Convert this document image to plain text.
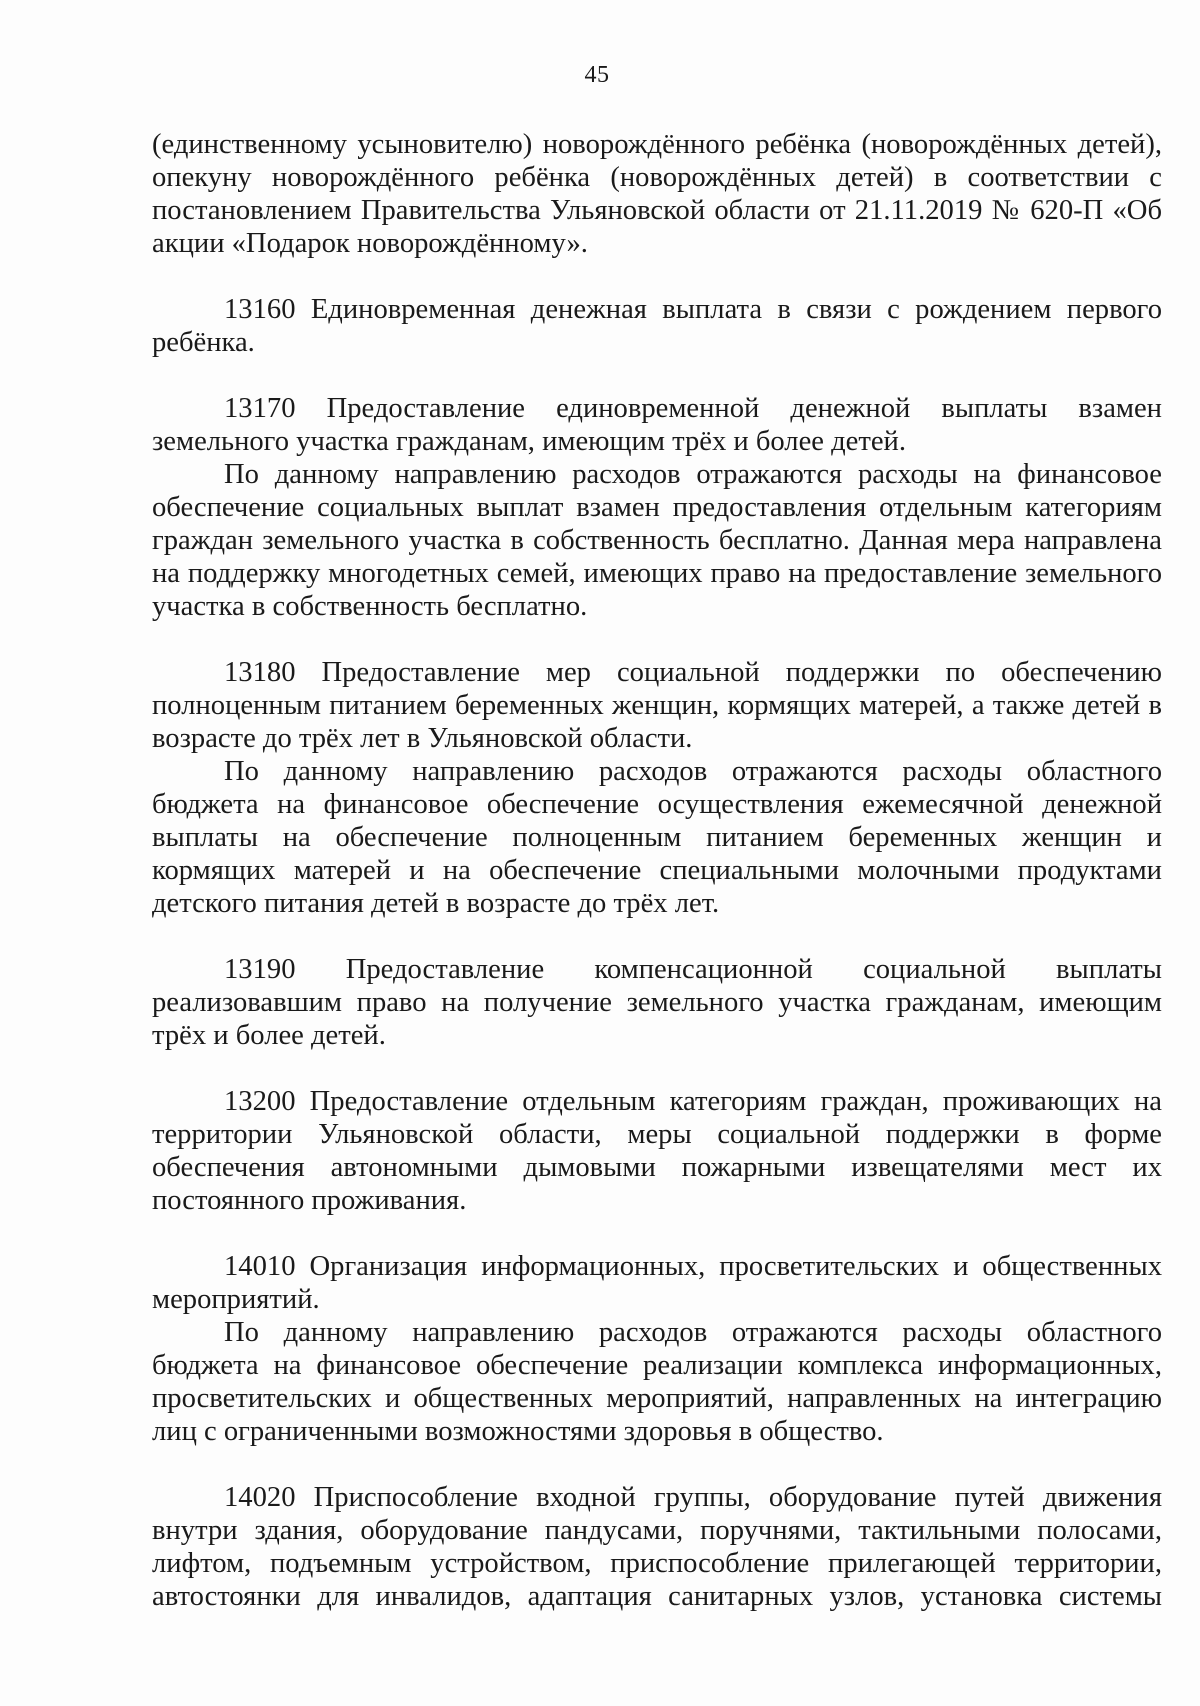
45

(единственному усыновителю) новорождённого ребёнка (новорождённых детей), опекуну новорождённого ребёнка (новорождённых детей) в соответствии с постановлением Правительства Ульяновской области от 21.11.2019 № 620-П «Об акции «Подарок новорождённому».

13160 Единовременная денежная выплата в связи с рождением первого ребёнка.

13170 Предоставление единовременной денежной выплаты взамен земельного участка гражданам, имеющим трёх и более детей.

По данному направлению расходов отражаются расходы на финансовое обеспечение социальных выплат взамен предоставления отдельным категориям граждан земельного участка в собственность бесплатно. Данная мера направлена на поддержку многодетных семей, имеющих право на предоставление земельного участка в собственность бесплатно.

13180 Предоставление мер социальной поддержки по обеспечению полноценным питанием беременных женщин, кормящих матерей, а также детей в возрасте до трёх лет в Ульяновской области.

По данному направлению расходов отражаются расходы областного бюджета на финансовое обеспечение осуществления ежемесячной денежной выплаты на обеспечение полноценным питанием беременных женщин и кормящих матерей и на обеспечение специальными молочными продуктами детского питания детей в возрасте до трёх лет.

13190 Предоставление компенсационной социальной выплаты реализовавшим право на получение земельного участка гражданам, имеющим трёх и более детей.

13200 Предоставление отдельным категориям граждан, проживающих на территории Ульяновской области, меры социальной поддержки в форме обеспечения автономными дымовыми пожарными извещателями мест их постоянного проживания.

14010 Организация информационных, просветительских и общественных мероприятий.

По данному направлению расходов отражаются расходы областного бюджета на финансовое обеспечение реализации комплекса информационных, просветительских и общественных мероприятий, направленных на интеграцию лиц с ограниченными возможностями здоровья в общество.

14020 Приспособление входной группы, оборудование путей движения внутри здания, оборудование пандусами, поручнями, тактильными полосами, лифтом, подъемным устройством, приспособление прилегающей территории, автостоянки для инвалидов, адаптация санитарных узлов, установка системы
